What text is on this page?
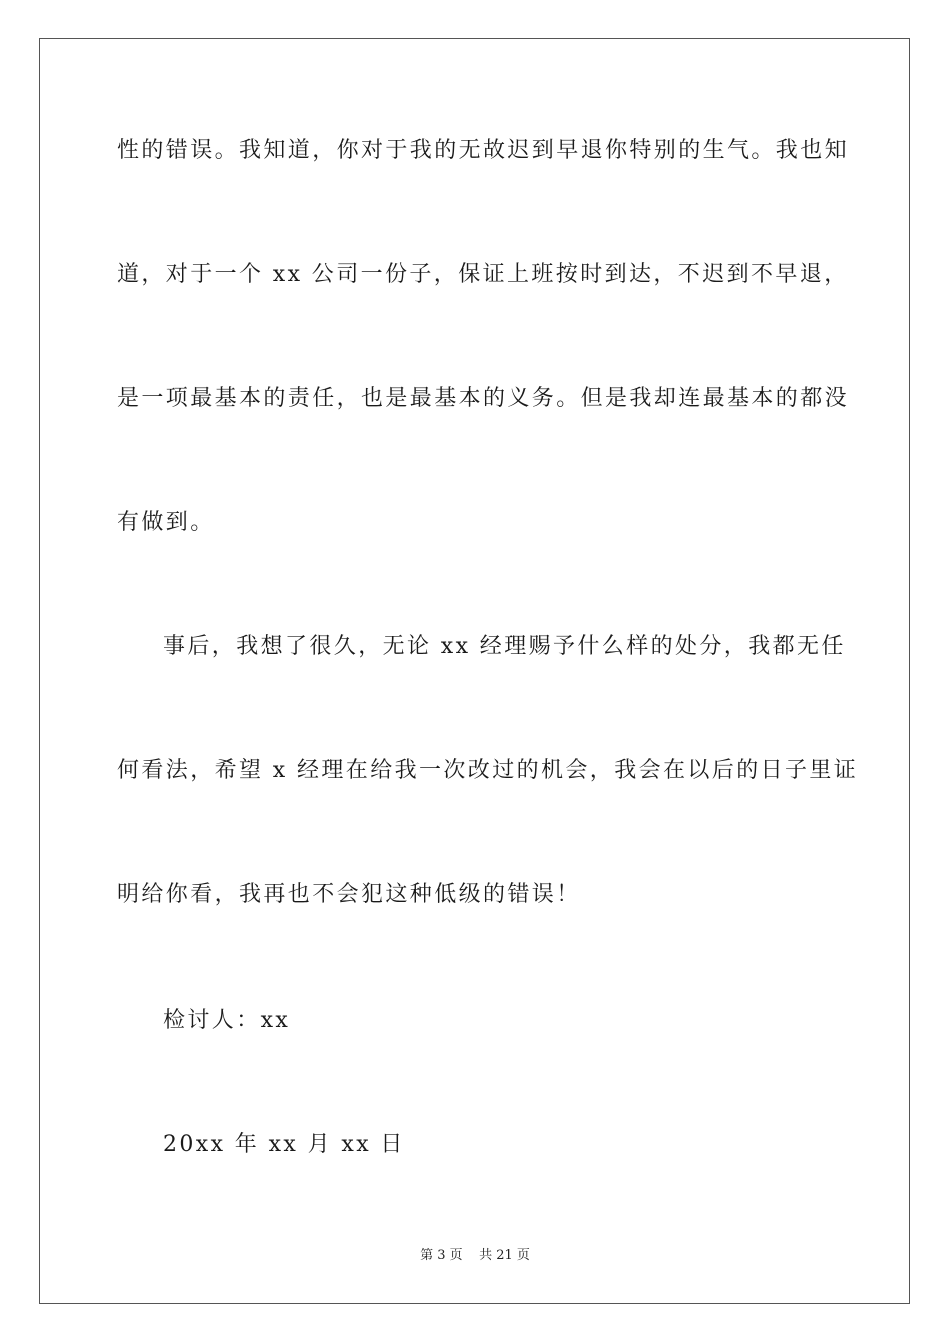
性的错误。我知道，你对于我的无故迟到早退你特别的生气。我也知
道，对于一个 xx 公司一份子，保证上班按时到达，不迟到不早退，
是一项最基本的责任，也是最基本的义务。但是我却连最基本的都没
有做到。
事后，我想了很久，无论 xx 经理赐予什么样的处分，我都无任
何看法，希望 x 经理在给我一次改过的机会，我会在以后的日子里证
明给你看，我再也不会犯这种低级的错误！
检讨人：xx
20xx 年 xx 月 xx 日
第 3 页    共 21 页
